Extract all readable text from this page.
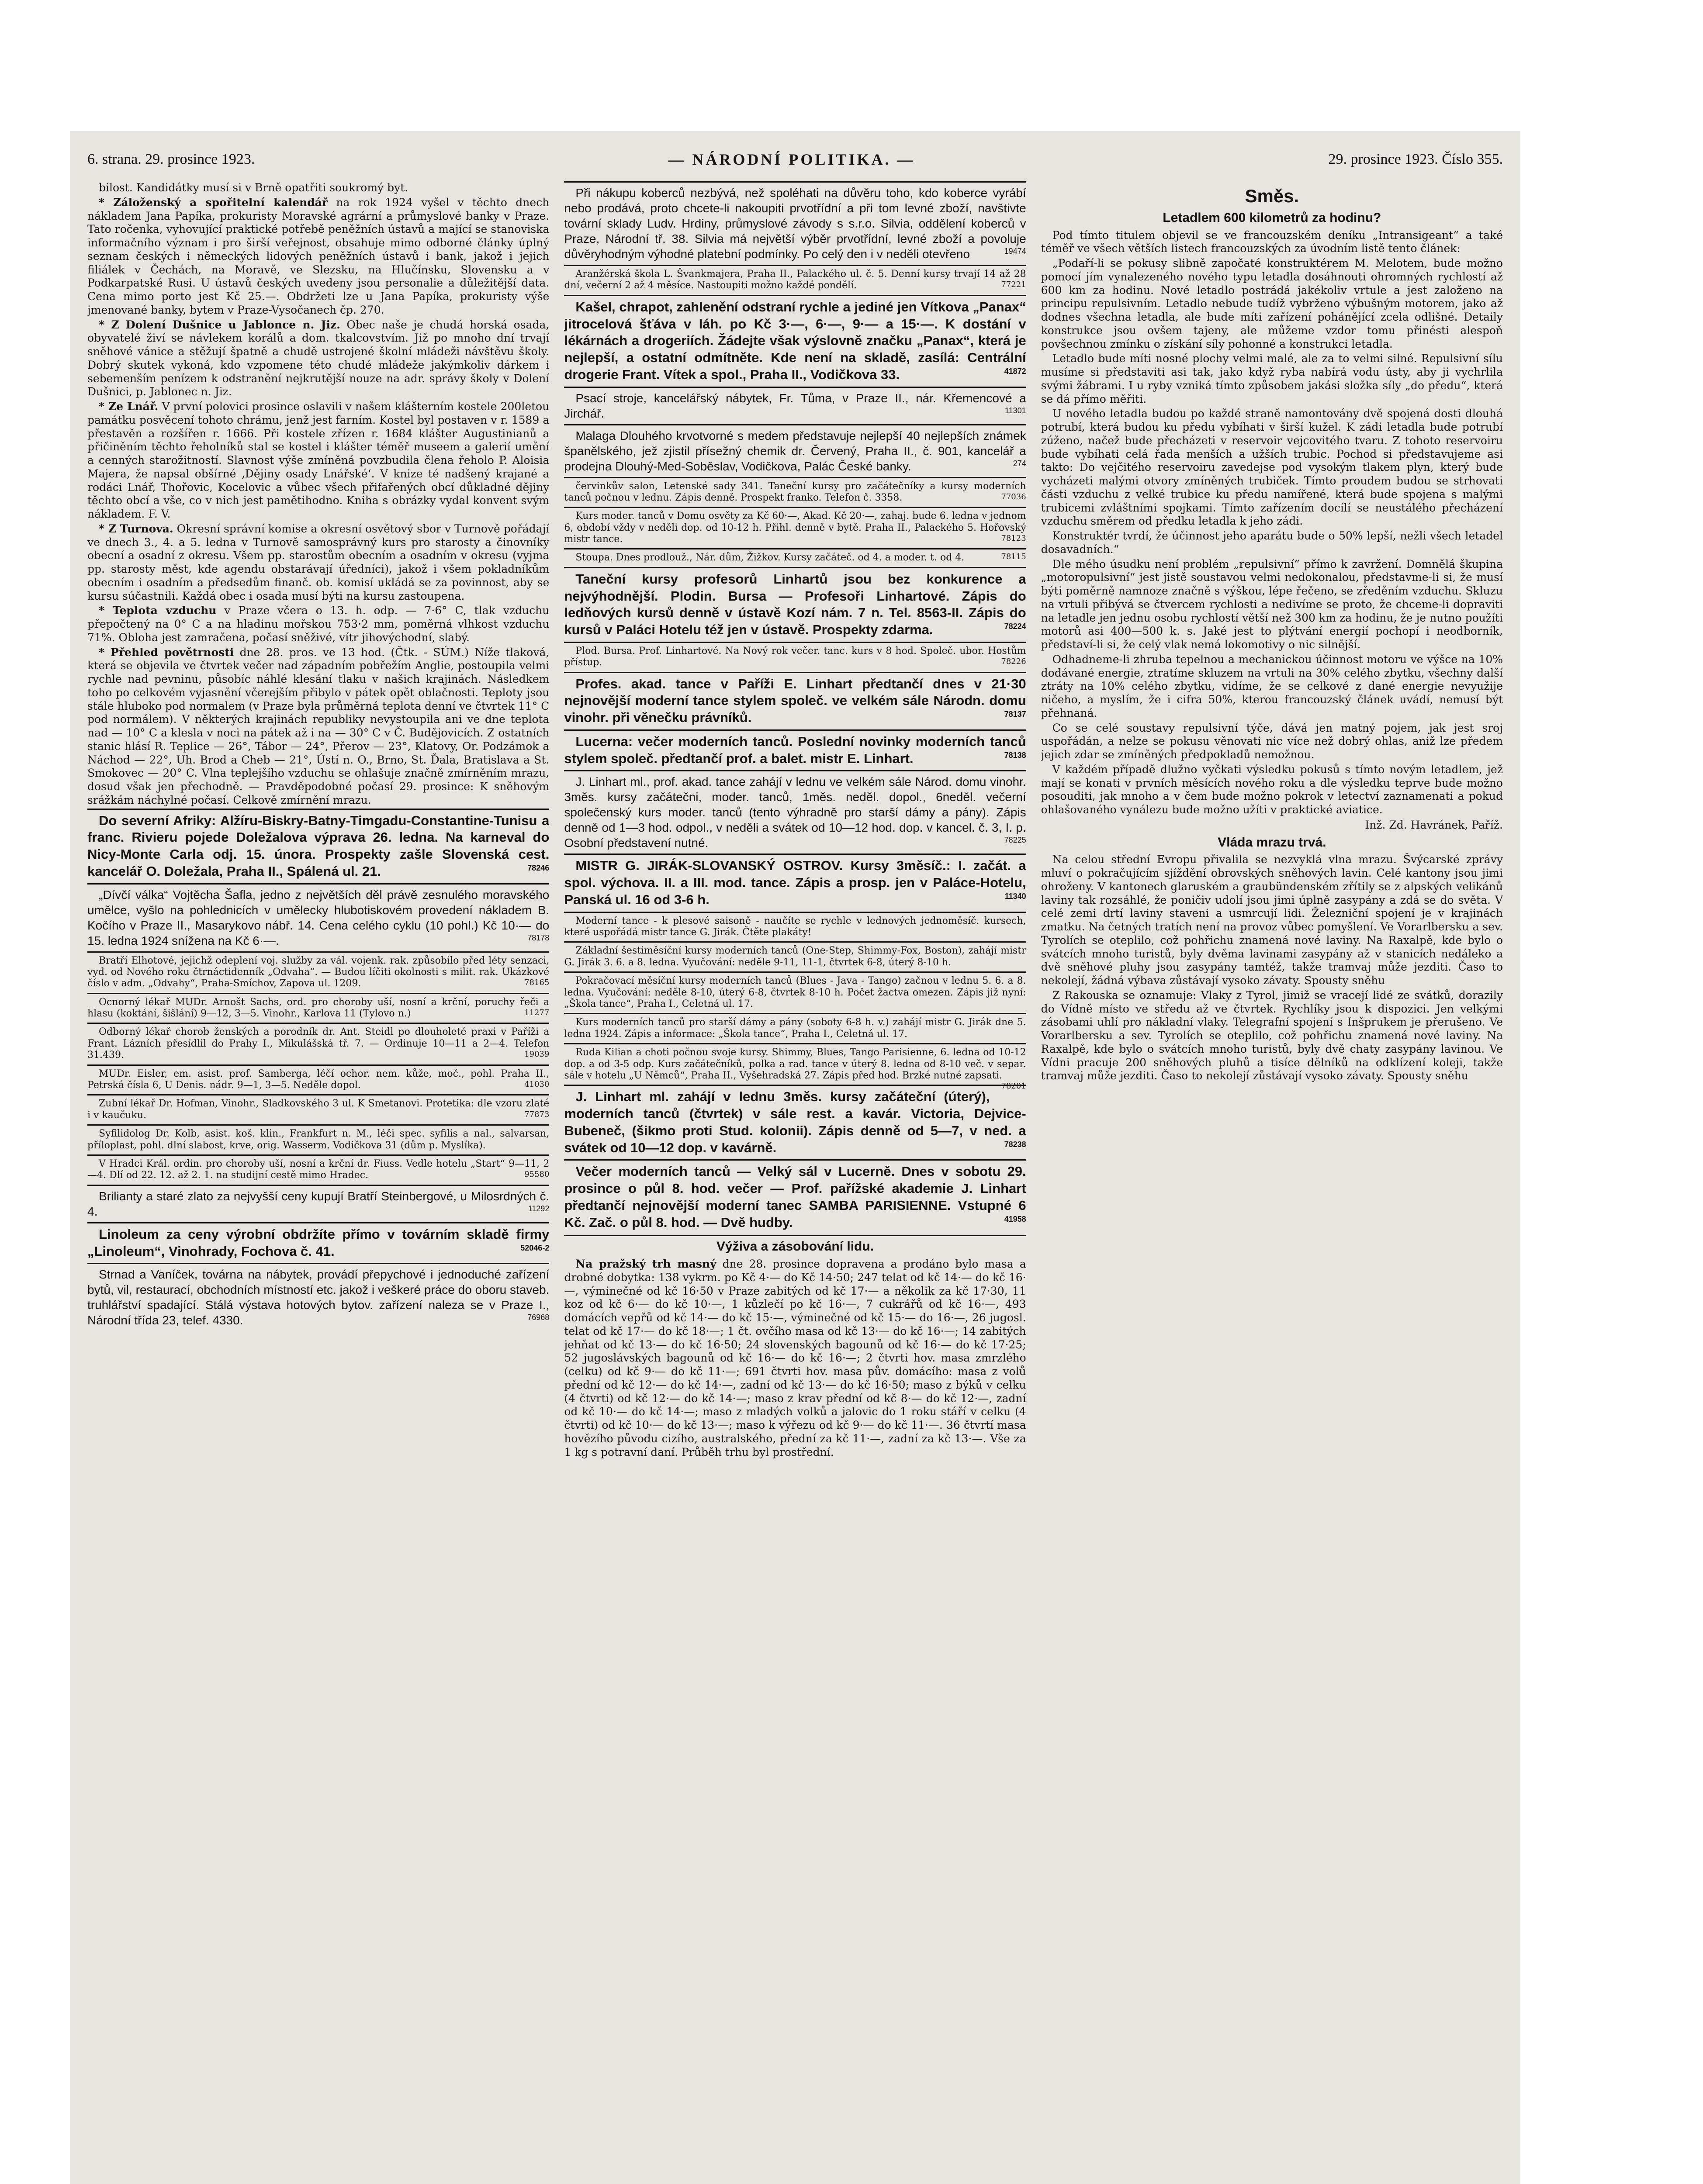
6. strana. 29. prosince 1923.	— NÁRODNÍ POLITIKA. —	29. prosince 1923. Číslo 355.

bilost. Kandidátky musí si v Brně opatřiti soukromý byt.

* Záloženský a spořitelní kalendář na rok 1924 vyšel v těchto dnech nákladem Jana Papíka, prokuristy Moravské agrární a průmyslové banky v Praze. Tato ročenka, vyhovující praktické potřebě peněžních ústavů a mající se stanoviska informačního význam i pro širší veřejnost, obsahuje mimo odborné články úplný seznam českých i německých lidových peněžních ústavů i bank, jakož i jejich filiálek v Čechách, na Moravě, ve Slezsku, na Hlučínsku, Slovensku a v Podkarpatské Rusi. U ústavů českých uvedeny jsou personalie a důležitější data. Cena mimo porto jest Kč 25.—. Obdržeti lze u Jana Papíka, prokuristy výše jmenované banky, bytem v Praze-Vysočanech čp. 270.

* Z Dolení Dušnice u Jablonce n. Jiz. Obec naše je chudá horská osada, obyvatelé živí se návlekem korálů a dom. tkalcovstvím. Již po mnoho dní trvají sněhové vánice a stěžují špatně a chudě ustrojené školní mládeži návštěvu školy. Dobrý skutek vykoná, kdo vzpomene této chudé mládeže jakýmkoliv dárkem i sebemenším penízem k odstranění nejkrutější nouze na adr. správy školy v Dolení Dušnici, p. Jablonec n. Jiz.

* Ze Lnář. V první polovici prosince oslavili v našem klášterním kostele 200letou památku posvěcení tohoto chrámu, jenž jest farním. Kostel byl postaven v r. 1589 a přestavěn a rozšířen r. 1666. Při kostele zřízen r. 1684 klášter Augustinianů a přičiněním těchto řeholníků stal se kostel i klášter téměř museem a galerií umění a cenných starožitností. Slavnost výše zmíněná povzbudila člena řeholo P. Aloisia Majera, že napsal obšírné ‚Dějiny osady Lnářské‘. V knize té nadšený krajané a rodáci Lnář, Thořovic, Kocelovic a vůbec všech přifařených obcí důkladné dějiny těchto obcí a vše, co v nich jest pamětihodno. Kniha s obrázky vydal konvent svým nákladem. F. V.

* Z Turnova. Okresní správní komise a okresní osvětový sbor v Turnově pořádají ve dnech 3., 4. a 5. ledna v Turnově samosprávný kurs pro starosty a činovníky obecní a osadní z okresu. Všem pp. starostům obecním a osadním v okresu (vyjma pp. starosty měst, kde agendu obstarávají úředníci), jakož i všem pokladníkům obecním i osadním a předsedům finanč. ob. komisí ukládá se za povinnost, aby se kursu súčastnili. Každá obec i osada musí býti na kursu zastoupena.

* Teplota vzduchu v Praze včera o 13. h. odp. — 7·6° C, tlak vzduchu přepočtený na 0° C a na hladinu mořskou 753·2 mm, poměrná vlhkost vzduchu 71%. Obloha jest zamračena, počasí sněživé, vítr jihovýchodní, slabý.

* Přehled povětrnosti dne 28. pros. ve 13 hod. (Čtk. - SÚM.) Nížе tlaková, která se objevila ve čtvrtek večer nad západním pobřežím Anglie, postoupila velmi rychle nad pevninu, působíc náhlé klesání tlaku v našich krajinách. Následkem toho po celkovém vyjasnění včerejším přibylo v pátek opět oblačnosti. Teploty jsou stále hluboko pod normalem (v Praze byla průměrná teplota denní ve čtvrtek 11° C pod normálem). V některých krajinách republiky nevystoupila ani ve dne teplota nad — 10° C a klesla v noci na pátek až i na — 30° C v Č. Budějovicích. Z ostatních stanic hlásí R. Teplice — 26°, Tábor — 24°, Přerov — 23°, Klatovy, Or. Podzámok a Náchod — 22°, Uh. Brod a Cheb — 21°, Ústí n. O., Brno, St. Ďala, Bratislava a St. Smokovec — 20° C. Vlna teplejšího vzduchu se ohlašuje značně zmírněním mrazu, dosud však jen přechodně. — Pravděpodobné počasí 29. prosince: K sněhovým srážkám náchylné počasí. Celkově zmírnění mrazu.

Do severní Afriky: Alžíru-Biskry-Batny-Timgadu-Constantine-Tunisu a franc. Rivieru pojede Doležalova výprava 26. ledna. Na karneval do Nicy-Monte Carla odj. 15. února. Prospekty zašle Slovenská cest. kancelář O. Doležala, Praha II., Spálená ul. 21.	78246

„Dívčí válka“ Vojtěcha Šafla, jedno z největších děl právě zesnulého moravského umělce, vyšlo na pohlednicích v umělecky hlubotiskovém provedení nákladem B. Kočího v Praze II., Masarykovo nábř. 14. Cena celého cyklu (10 pohl.) Kč 10·— do 15. ledna 1924 snížena na Kč 6·—.	78178

Bratří Elhotové, jejichž odeplení voj. služby za vál. vojenk. rak. způsobilo před léty senzaci, vyd. od Nového roku čtrnáctidenník „Odvaha“. — Budou líčiti okolnosti s milit. rak. Ukázkové číslo v adm. „Odvahy“, Praha-Smíchov, Zapova ul. 1209.	78165

Ocnorný lékař MUDr. Arnošt Sachs, ord. pro choroby uší, nosní a krční, poruchy řeči a hlasu (koktání, šišlání) 9—12, 3—5. Vinohr., Karlova 11 (Tylovo n.)	11277

Odborný lékař chorob ženských a porodník dr. Ant. Steidl po dlouholeté praxi v Paříži a Frant. Lázních přesídlil do Prahy I., Mikulášská tř. 7. — Ordinuje 10—11 a 2—4. Telefon 31.439.	19039

MUDr. Eisler, em. asist. prof. Samberga, léčí ochor. nem. kůže, moč., pohl. Praha II., Petrská čísla 6, U Denis. nádr. 9—1, 3—5. Neděle dopol.	41030

Zubní lékař Dr. Hofman, Vinohr., Sladkovského 3 ul. K Smetanovi. Protetika: dle vzoru zlaté i v kaučuku.	77873

Syfilidolog Dr. Kolb, asist. koš. klin., Frankfurt n. M., léči spec. syfilis a nal., salvarsan, příloplast, pohl. dlní slabost, krve, orig. Wasserm. Vodičkova 31 (dům p. Myslíka).

V Hradci Král. ordin. pro choroby uší, nosní a krční dr. Fiuss. Vedle hotelu „Start“ 9—11, 2—4. Dlí od 22. 12. až 2. 1. na studijní cestě mimo Hradec.	95580

Brilianty a staré zlato za nejvyšší ceny kupují Bratří Steinbergové, u Milosrdných č. 4.	11292

Linoleum za ceny výrobní obdržíte přímo v továrním skladě firmy „Linoleum“, Vinohrady, Fochova č. 41.	52046-2

Strnad a Vaníček, továrna na nábytek, provádí přepychové i jednoduché zařízení bytů, vil, restaurací, obchodních místností etc. jakož i veškeré práce do oboru staveb. truhlářství spadající. Stálá výstava hotových bytov. zařízení naleza se v Praze I., Národní třída 23, telef. 4330.	76968

Při nákupu koberců nezbývá, než spoléhati na důvěru toho, kdo koberce vyrábí nebo prodává, proto chcete-li nakoupiti prvotřídní a při tom levné zboží, navštivte tovární sklady Ludv. Hrdiny, průmyslové závody s s.r.o. Silvia, oddělení koberců v Praze, Národní tř. 38. Silvia má největší výběr prvotřídní, levné zboží a povoluje důvěryhodným výhodné platební podmínky. Po celý den i v neděli otevřeno	19474

Aranžérská škola L. Švankmajera, Praha II., Palackého ul. č. 5. Denní kursy trvají 14 až 28 dní, večerní 2 až 4 měsíce. Nastoupiti možno každé pondělí.	77221

Kašel, chrapot, zahlenění odstraní rychle a jediné jen Vítkova „Panax“ jitrocelová šťáva v láh. po Kč 3·—, 6·—, 9·— a 15·—. K dostání v lékárnách a drogeriích. Žádejte však výslovně značku „Panax“, která je nejlepší, a ostatní odmítněte. Kde není na skladě, zasílá: Centrální drogerie Frant. Vítek a spol., Praha II., Vodičkova 33.	41872

Psací stroje, kancelářský nábytek, Fr. Tůma, v Praze II., nár. Křemencové a Jirchář.	11301

Malaga Dlouhého krvotvorné s medem představuje nejlepší 40 nejlepších známek španělského, jež zjistil přísežný chemik dr. Červený, Praha II., č. 901, kancelář a prodejna Dlouhý-Med-Soběslav, Vodičkova, Palác České banky.	274

červinkův salon, Letenské sady 341. Taneční kursy pro začátečníky a kursy moderních tanců počnou v lednu. Zápis denně. Prospekt franko. Telefon č. 3358.	77036

Kurs moder. tanců v Domu osvěty za Kč 60·—, Akad. Kč 20·—, zahaj. bude 6. ledna v jednom 6, období vždy v neděli dop. od 10-12 h. Přihl. denně v bytě. Praha II., Palackého 5. Hořovský mistr tance.	78123

Stoupa. Dnes prodlouž., Nár. dům, Žižkov. Kursy začáteč. od 4. a moder. t. od 4.	78115

Taneční kursy profesorů Linhartů jsou bez konkurence a nejvýhodnější. Plodin. Bursa — Profesoři Linhartové. Zápis do ledňových kursů denně v ústavě Kozí nám. 7 n. Tel. 8563-II. Zápis do kursů v Paláci Hotelu též jen v ústavě. Prospekty zdarma.	78224

Plod. Bursa. Prof. Linhartové. Na Nový rok večer. tanc. kurs v 8 hod. Společ. ubor. Hostům přístup.	78226

Profes. akad. tance v Paříži E. Linhart předtančí dnes v 21·30 nejnovější moderní tance stylem společ. ve velkém sále Národn. domu vinohr. při věnečku právníků.	78137

Lucerna: večer moderních tanců. Poslední novinky moderních tanců stylem společ. předtančí prof. a balet. mistr E. Linhart.	78138

J. Linhart ml., prof. akad. tance zahájí v lednu ve velkém sále Národ. domu vinohr. 3měs. kursy začátečni, moder. tanců, 1měs. neděl. dopol., 6neděl. večerní společenský kurs moder. tanců (tento výhradně pro starší dámy a pány). Zápis denně od 1—3 hod. odpol., v neděli a svátek od 10—12 hod. dop. v kancel. č. 3, I. p. Osobní představení nutné.	78225

MISTR G. JIRÁK-SLOVANSKÝ OSTROV. Kursy 3měsíč.: I. začát. a spol. výchova. II. a III. mod. tance. Zápis a prosp. jen v Paláce-Hotelu, Panská ul. 16 od 3-6 h.	11340

Moderní tance - k plesové saisoně - naučíte se rychle v lednových jednoměsíč. kursech, které uspořádá mistr tance G. Jirák. Čtěte plakáty!

Základní šestiměsíční kursy moderních tanců (One-Step, Shimmy-Fox, Boston), zahájí mistr G. Jirák 3. 6. a 8. ledna. Vyučování: neděle 9-11, 11-1, čtvrtek 6-8, úterý 8-10 h.

Pokračovací měsíční kursy moderních tanců (Blues - Java - Tango) začnou v lednu 5. 6. a 8. ledna. Vyučování: neděle 8-10, úterý 6-8, čtvrtek 8-10 h. Počet žactva omezen. Zápis již nyní: „Škola tance“, Praha I., Celetná ul. 17.

Kurs moderních tanců pro starší dámy a pány (soboty 6-8 h. v.) zahájí mistr G. Jirák dne 5. ledna 1924. Zápis a informace: „Škola tance“, Praha I., Celetná ul. 17.

Ruda Kilian a choti počnou svoje kursy. Shimmy, Blues, Tango Parisienne, 6. ledna od 10-12 dop. a od 3-5 odp. Kurs začátečníků, polka a rad. tance v úterý 8. ledna od 8-10 več. v separ. sále v hotelu „U Němců“, Praha II., Vyšehradská 27. Zápis před hod. Brzké nutné zapsati.
78201

J. Linhart ml. zahájí v lednu 3měs. kursy začáteční (úterý), moderních tanců (čtvrtek) v sále rest. a kavár. Victoria, Dejvice-Bubeneč, (šikmo proti Stud. kolonii). Zápis denně od 5—7, v ned. a svátek od 10—12 dop. v kavárně.	78238

Večer moderních tanců — Velký sál v Lucerně. Dnes v sobotu 29. prosince o půl 8. hod. večer — Prof. pařížské akademie J. Linhart předtančí nejnovější moderní tanec SAMBA PARISIENNE. Vstupné 6 Kč. Zač. o půl 8. hod. — Dvě hudby.	41958

Výživa a zásobování lidu.

Na pražský trh masný dne 28. prosince dopravena a prodáno bylo masa a drobné dobytka: 138 vykrm. po Kč 4·— do Kč 14·50; 247 telat od kč 14·— do kč 16·—, výminečné od kč 16·50 v Praze zabitých od kč 17·— a několik za kč 17·30, 11 koz od kč 6·— do kč 10·—, 1 kůzlečí po kč 16·—, 7 cukrářů od kč 16·—, 493 domácích vepřů od kč 14·— do kč 15·—, výminečné od kč 15·— do 16·—, 26 jugosl. telat od kč 17·— do kč 18·—; 1 čt. ovčího masa od kč 13·— do kč 16·—; 14 zabitých jehňat od kč 13·— do kč 16·50; 24 slovenských bagounů od kč 16·— do kč 17·25; 52 jugoslávských bagounů od kč 16·— do kč 16·—; 2 čtvrti hov. masa zmrzlého (celku) od kč 9·— do kč 11·—; 691 čtvrti hov. masa pův. domácího: masa z volů přední od kč 12·— do kč 14·—, zadní od kč 13·— do kč 16·50; maso z býků v celku (4 čtvrti) od kč 12·— do kč 14·—; maso z krav přední od kč 8·— do kč 12·—, zadní od kč 10·— do kč 14·—; maso z mladých volků a jalovic do 1 roku stáří v celku (4 čtvrti) od kč 10·— do kč 13·—; maso k výřezu od kč 9·— do kč 11·—. 36 čtvrtí masa hovězího původu cizího, australského, přední za kč 11·—, zadní za kč 13·—. Vše za 1 kg s potravní daní. Průběh trhu byl prostřední.

Směs.
Letadlem 600 kilometrů za hodinu?

Pod tímto titulem objevil se ve francouzském deníku „Intransigeant“ a také téměř ve všech větších listech francouzských za úvodním listě tento článek:

„Podaří-li se pokusy slibně započaté konstruktérem M. Melotem, bude možno pomocí jím vynalezeného nového typu letadla dosáhnouti ohromných rychlostí až 600 km za hodinu. Nové letadlo postrádá jakékoliv vrtule a jest založeno na principu repulsivním. Letadlo nebude tudíž vybrženo výbušným motorem, jako až dodnes všechna letadla, ale bude míti zařízení pohánějící zcela odlišné. Detaily konstrukce jsou ovšem tajeny, ale můžeme vzdor tomu přinésti alespoň povšechnou zmínku o získání síly pohonné a konstrukci letadla.

Letadlo bude míti nosné plochy velmi malé, ale za to velmi silné. Repulsivní sílu musíme si představiti asi tak, jako když ryba nabírá vodu ústy, aby ji vychrlila svými žábrami. I u ryby vzniká tímto způsobem jakási složka síly „do předu“, která se dá přímo měřiti.

U nového letadla budou po každé straně namontovány dvě spojená dosti dlouhá potrubí, která budou ku předu vybíhati v širší kužel. K zádi letadla bude potrubí zúženo, načež bude přecházeti v reservoir vejcovitého tvaru. Z tohoto reservoiru bude vybíhati celá řada menších a užších trubic. Pochod si představujeme asi takto: Do vejčitého reservoiru zavedejse pod vysokým tlakem plyn, který bude vycházeti malými otvory zmíněných trubiček. Tímto proudem budou se strhovati části vzduchu z velké trubice ku předu namířené, která bude spojena s malými trubicemi zvláštními spojkami. Tímto zařízením docílí se neustálého přecházení vzduchu směrem od předku letadla k jeho zádi.

Konstruktér tvrdí, že účinnost jeho aparátu bude o 50% lepší, nežli všech letadel dosavadních.“

Dle mého úsudku není problém „repulsivní“ přímo k zavržení. Domnělá škupina „motoropulsivní“ jest jistě soustavou velmi nedokonalou, představme-li si, že musí býti poměrně namnoze značně s výškou, lépe řečeno, se zředěním vzduchu. Skluzu na vrtuli přibývá se čtvercem rychlosti a nedivíme se proto, že chceme-li dopraviti na letadle jen jednu osobu rychlostí větší než 300 km za hodinu, že je nutno použíti motorů asi 400—500 k. s. Jaké jest to plýtvání energií pochopí i neodborník, představí-li si, že celý vlak nemá lokomotivy o nic silnější.

Odhadneme-li zhruba tepelnou a mechanickou účinnost motoru ve výšce na 10% dodávané energie, ztratíme skluzem na vrtuli na 30% celého zbytku, všechny další ztráty na 10% celého zbytku, vidíme, že se celkové z dané energie nevyužije ničeho, a myslím, že i cifra 50%, kterou francouzský článek uvádí, nemusí být přehnaná.

Co se celé soustavy repulsivní týče, dává jen matný pojem, jak jest sroj uspořádán, a nelze se pokusu věnovati nic více než dobrý ohlas, aniž lze předem jejich zdar se zmíněných předpokladů nemožnou.

V každém případě dlužno vyčkati výsledku pokusů s tímto novým letadlem, jež mají se konati v prvních měsících nového roku a dle výsledku teprve bude možno posouditi, jak mnoho a v čem bude možno pokrok v letectví zaznamenati a pokud ohlašovaného vynálezu bude možno užíti v praktické aviatice.

Inž. Zd. Havránek, Paříž.
Vláda mrazu trvá.

Na celou střední Evropu přivalila se nezvyklá vlna mrazu. Švýcarské zprávy mluví o pokračujícím sjíždění obrovských sněhových lavin. Celé kantony jsou jimi ohroženy. V kantonech glaruském a graubündenském zřítily se z alpských velikánů laviny tak rozsáhlé, že poničiv udolí jsou jimi úplně zasypány a zdá se do světa. V celé zemi drtí laviny staveni a usmrcují lidi. Železniční spojení je v krajinách zmatku. Na četných tratích není na provoz vůbec pomyšlení. Ve Vorarlbersku a sev. Tyrolích se oteplilo, což pohřichu znamená nové laviny. Na Raxalpě, kde bylo o svátcích mnoho turistů, byly dvěma lavinami zasypány až v stanicích nedáleko a dvě sněhové pluhy jsou zasypány tamtéž, takže tramvaj může jezditi. Časo to nekolejí, žádná výbava zůstávají vysoko závaty. Spousty sněhu

Z Rakouska se oznamuje: Vlaky z Tyrol, jimiž se vracejí lidé ze svátků, dorazily do Vídně místo ve středu až ve čtvrtek. Rychlíky jsou k dispozici. Jen velkými zásobami uhlí pro nákladní vlaky. Telegrafní spojení s Inšprukem je přerušeno. Ve Vorarlbersku a sev. Tyrolích se oteplilo, což pohřichu znamená nové laviny. Na Raxalpě, kde bylo o svátcích mnoho turistů, byly dvě chaty zasypány lavinou. Ve Vídni pracuje 200 sněhových pluhů a tisíce dělníků na odklízení koleji, takže tramvaj může jezditi. Časo to nekolejí zůstávají vysoko závaty. Spousty sněhu
